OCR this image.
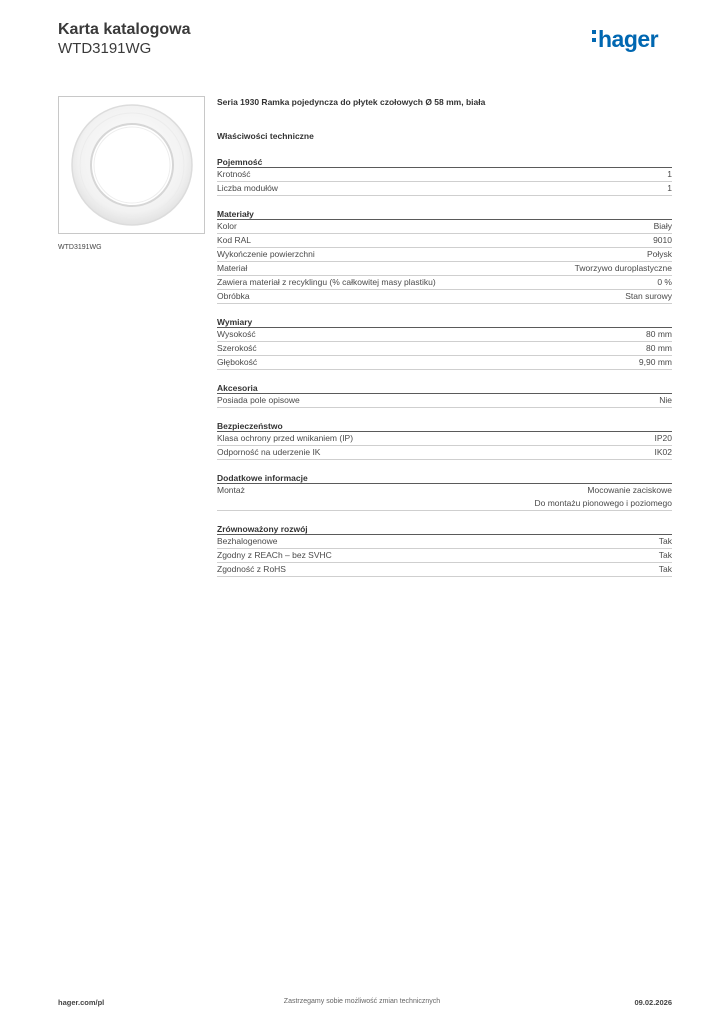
Karta katalogowa
WTD3191WG	hager
WTD3191WG
Seria 1930 Ramka pojedyncza do płytek czołowych Ø 58 mm, biała
Właściwości techniczne
Pojemność
Krotność	1
Liczba modułów	1
Materiały
Kolor	Biały
Kod RAL	9010
Wykończenie powierzchni	Połysk
Materiał	Tworzywo duroplastyczne
Zawiera materiał z recyklingu (% całkowitej masy plastiku)	0 %
Obróbka	Stan surowy
Wymiary
Wysokość	80 mm
Szerokość	80 mm
Głębokość	9,90 mm
Akcesoria
Posiada pole opisowe	Nie
Bezpieczeństwo
Klasa ochrony przed wnikaniem (IP)	IP20
Odporność na uderzenie IK	IK02
Dodatkowe informacje
Montaż	Mocowanie zaciskowe
Do montażu pionowego i poziomego
Zrównoważony rozwój
Bezhalogenowe	Tak
Zgodny z REACh – bez SVHC	Tak
Zgodność z RoHS	Tak
Zastrzegamy sobie możliwość zmian technicznych
hager.com/pl	09.02.2026
